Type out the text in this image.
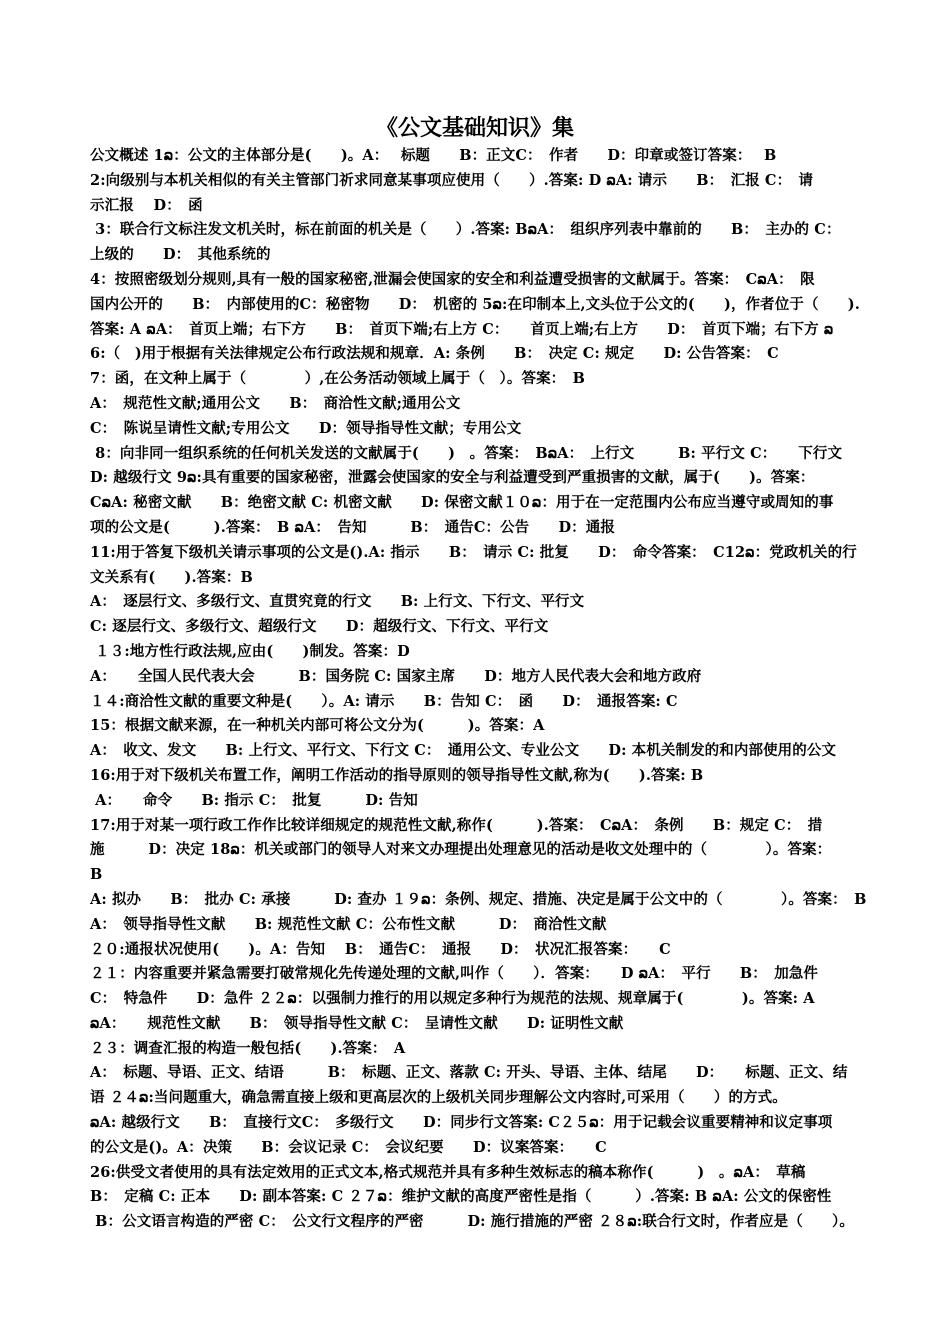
《公文基础知识》集
公文概述 1ລ：公文的主体部分是(　　)。A：　 标题　　B：正文C：　作者　　D：印章或签订答案：　 B
2:向级别与本机关相似的有关主管部门祈求同意某事项应使用（　　）.答案: D ລA: 请示　　B：　汇报 C：　请
示汇报　 D：　函
3：联合行文标注发文机关时，标在前面的机关是（　　）.答案: BລA：　组织序列表中靠前的　　B：　主办的 C：
上级的　　D：　其他系统的
4：按照密级划分规则,具有一般的国家秘密,泄漏会使国家的安全和利益遭受损害的文献属于。答案：　CລA：　限
国内公开的　　B：　内部使用的C：秘密物　　D：　机密的 5ລ:在印制本上,文头位于公文的(　　)，作者位于（　　).
答案: A ລA：　首页上端；右下方　　B：　首页下端;右上方 C：　　首页上端;右上方　　D：　首页下端；右下方 ລ
6:（　)用于根据有关法律规定公布行政法规和规章．A: 条例　　B：　决定 C: 规定　　D: 公告答案：　C
7：函，在文种上属于（　　　　）,在公务活动领域上属于（　）。答案：　B
A：　规范性文献;通用公文　　B：　商洽性文献;通用公文
C：　陈说呈请性文献;专用公文　　D：领导指导性文献；专用公文
8：向非同一组织系统的任何机关发送的文献属于(　　)　。答案：　BລA：　上行文　　　B: 平行文 C：　　下行文
D: 越级行文 9ລ:具有重要的国家秘密，泄露会使国家的安全与利益遭受到严重损害的文献，属于(　　)。答案：
CລA: 秘密文献　　B：绝密文献 C: 机密文献　　D: 保密文献１０ລ：用于在一定范围内公布应当遵守或周知的事
项的公文是(　　　).答案：　B ລA：　告知　　　B：　通告C：公告　　D：通报
11:用于答复下级机关请示事项的公文是().A: 指示　　B：　请示 C: 批复　　D：　命令答案：　C12ລ：党政机关的行
文关系有(　　).答案：B
A：　逐层行文、多级行文、直贯究竟的行文　　B: 上行文、下行文、平行文
C: 逐层行文、多级行文、超级行文　　D：超级行文、下行文、平行文
１３:地方性行政法规,应由(　　)制发。答案：D
A：　　全国人民代表大会　　　B：国务院 C: 国家主席　　D：地方人民代表大会和地方政府
１４:商洽性文献的重要文种是(　　）。A: 请示　　B：告知 C：　函　　D：　通报答案: C
15：根据文献来源，在一种机关内部可将公文分为(　　　)。答案：A
A：　收文、发文　　B: 上行文、平行文、下行文 C：　通用公文、专业公文　　D: 本机关制发的和内部使用的公文
16:用于对下级机关布置工作，阐明工作活动的指导原则的领导指导性文献,称为(　　).答案: B
A：　　命令　　B: 指示 C：　批复　　　D: 告知
17:用于对某一项行政工作作比较详细规定的规范性文献,称作(　　　).答案：　CລA：　条例　　B：规定 C：　措
施　　　D：决定 18ລ：机关或部门的领导人对来文办理提出处理意见的活动是收文处理中的（　　　　）。答案：
B
A: 拟办　　B：　批办 C: 承接　　　D: 查办 １９ລ：条例、规定、措施、决定是属于公文中的（　　　　）。答案：　B
A：　领导指导性文献　　B: 规范性文献 C：公布性文献　　　D：　商洽性文献
２０:通报状况使用(　　)。A：告知　 B：　通告C：　通报　　D：　状况汇报答案：　　C
２１：内容重要并紧急需要打破常规化先传递处理的文献,叫作（　　）．答案：　　D ລA：　平行　　B：　加急件
C：　特急件　　D：急件 ２２ລ：以强制力推行的用以规定多种行为规范的法规、规章属于(　　　　)。答案: A
ລA：　　规范性文献　　B：　领导指导性文献 C：　呈请性文献　　D: 证明性文献
２３：调查汇报的构造一般包括(　　).答案：　A
A：　标题、导语、正文、结语　　　B：　标题、正文、落款 C: 开头、导语、主体、结尾　　D：　　标题、正文、结
语 ２４ລ:当问题重大，确急需直接上级和更高层次的上级机关同步理解公文内容时,可采用（　　）的方式。
ລA: 越级行文　　B：　直接行文C：　多级行文　　D：同步行文答案: C２５ລ：用于记载会议重要精神和议定事项
的公文是()。A：决策　　B：会议记录 C：　会议纪要　　D：议案答案：　　C
26:供受文者使用的具有法定效用的正式文本,格式规范并具有多种生效标志的稿本称作(　　　)　。ລA：　草稿
B：　定稿 C: 正本　　D: 副本答案: C ２７ລ：维护文献的高度严密性是指（　　　）.答案: B ລA: 公文的保密性
B：公文语言构造的严密 C：　公文行文程序的严密　　　D: 施行措施的严密 ２８ລ:联合行文时，作者应是（　　）。
